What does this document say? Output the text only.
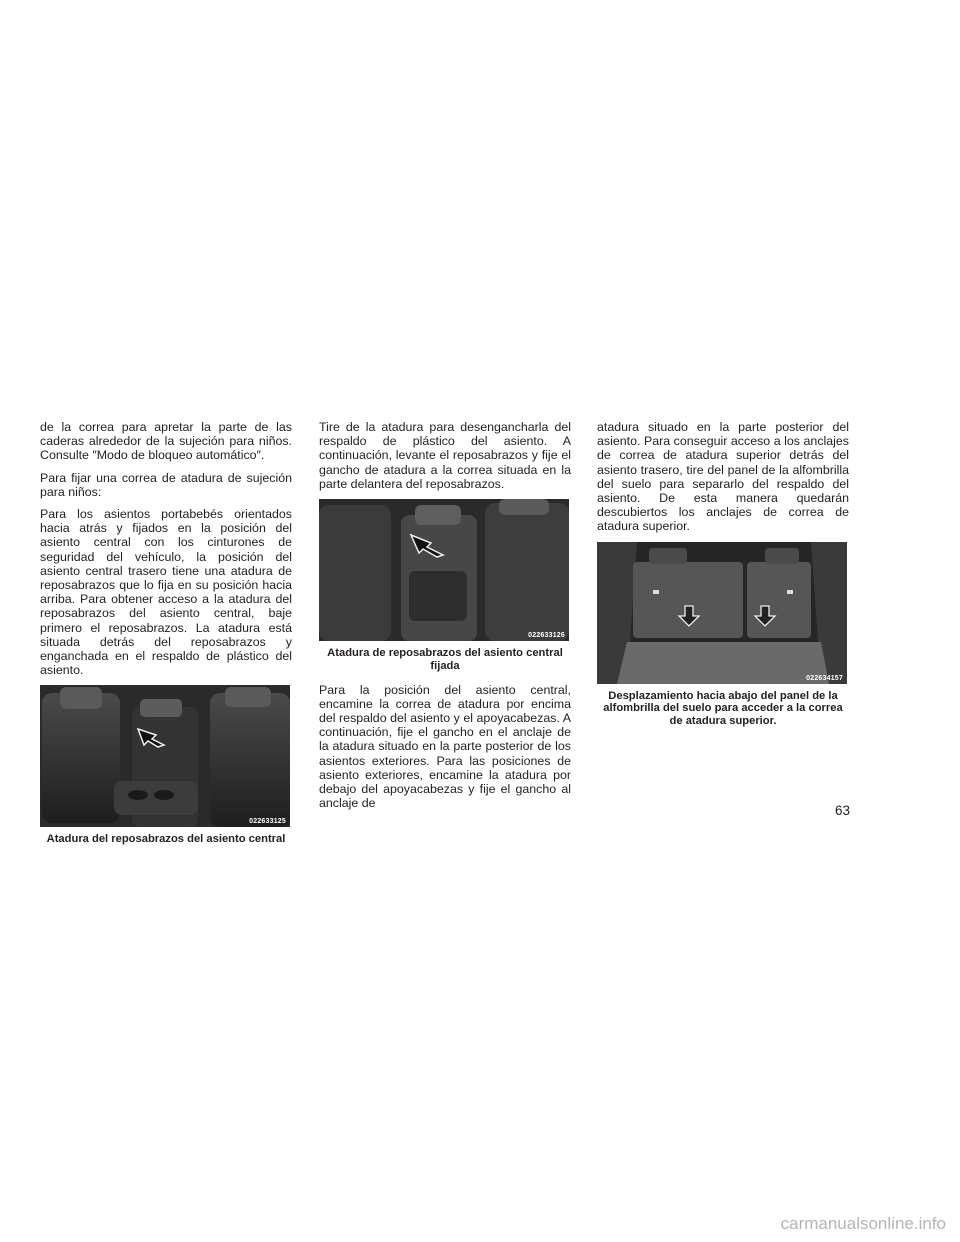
de la correa para apretar la parte de las caderas alrededor de la sujeción para niños. Consulte ″Modo de bloqueo automático″.

Para fijar una correa de atadura de sujeción para niños:

Para los asientos portabebés orientados hacia atrás y fijados en la posición del asiento central con los cinturones de seguridad del vehículo, la posición del asiento central trasero tiene una atadura de reposabrazos que lo fija en su posición hacia arriba. Para obtener acceso a la atadura del reposabrazos del asiento central, baje primero el reposabrazos. La atadura está situada detrás del reposabrazos y enganchada en el respaldo de plástico del asiento.

022633125
Atadura del reposabrazos del asiento central

Tire de la atadura para desengancharla del respaldo de plástico del asiento. A continuación, levante el reposabrazos y fije el gancho de atadura a la correa situada en la parte delantera del reposabrazos.

022633126
Atadura de reposabrazos del asiento central fijada

Para la posición del asiento central, encamine la correa de atadura por encima del respaldo del asiento y el apoyacabezas. A continuación, fije el gancho en el anclaje de la atadura situado en la parte posterior de los asientos exteriores. Para las posiciones de asiento exteriores, encamine la atadura por debajo del apoyacabezas y fije el gancho al anclaje de

atadura situado en la parte posterior del asiento. Para conseguir acceso a los anclajes de correa de atadura superior detrás del asiento trasero, tire del panel de la alfombrilla del suelo para separarlo del respaldo del asiento. De esta manera quedarán descubiertos los anclajes de correa de atadura superior.

022634157
Desplazamiento hacia abajo del panel de la alfombrilla del suelo para acceder a la correa de atadura superior.
63
carmanualsonline.info
